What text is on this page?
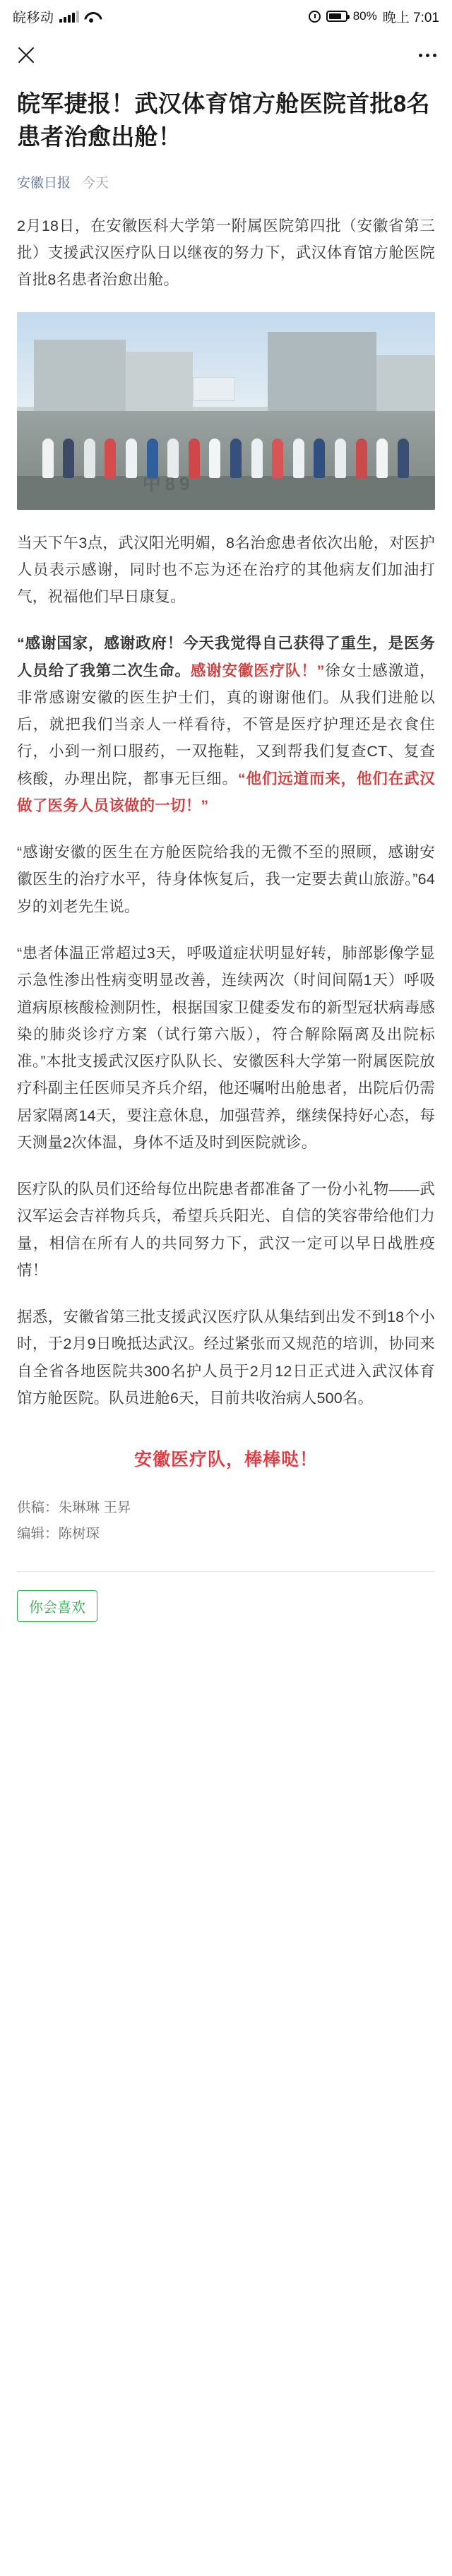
皖移动	80% 晚上 7:01
皖军捷报！武汉体育馆方舱医院首批8名患者治愈出舱！
安徽日报 今天

2月18日，在安徽医科大学第一附属医院第四批（安徽省第三批）支援武汉医疗队日以继夜的努力下，武汉体育馆方舱医院首批8名患者治愈出舱。

中89

当天下午3点，武汉阳光明媚，8名治愈患者依次出舱，对医护人员表示感谢，同时也不忘为还在治疗的其他病友们加油打气，祝福他们早日康复。

“感谢国家，感谢政府！今天我觉得自己获得了重生，是医务人员给了我第二次生命。感谢安徽医疗队！”徐女士感激道，非常感谢安徽的医生护士们，真的谢谢他们。从我们进舱以后，就把我们当亲人一样看待，不管是医疗护理还是衣食住行，小到一剂口服药，一双拖鞋，又到帮我们复查CT、复查核酸，办理出院，都事无巨细。“他们远道而来，他们在武汉做了医务人员该做的一切！”

“感谢安徽的医生在方舱医院给我的无微不至的照顾，感谢安徽医生的治疗水平，待身体恢复后，我一定要去黄山旅游。”64岁的刘老先生说。

“患者体温正常超过3天，呼吸道症状明显好转，肺部影像学显示急性渗出性病变明显改善，连续两次（时间间隔1天）呼吸道病原核酸检测阴性，根据国家卫健委发布的新型冠状病毒感染的肺炎诊疗方案（试行第六版），符合解除隔离及出院标准。”本批支援武汉医疗队队长、安徽医科大学第一附属医院放疗科副主任医师吴齐兵介绍，他还嘱咐出舱患者，出院后仍需居家隔离14天，要注意休息，加强营养，继续保持好心态，每天测量2次体温，身体不适及时到医院就诊。

医疗队的队员们还给每位出院患者都准备了一份小礼物——武汉军运会吉祥物兵兵，希望兵兵阳光、自信的笑容带给他们力量，相信在所有人的共同努力下，武汉一定可以早日战胜疫情！

据悉，安徽省第三批支援武汉医疗队从集结到出发不到18个小时，于2月9日晚抵达武汉。经过紧张而又规范的培训，协同来自全省各地医院共300名护人员于2月12日正式进入武汉体育馆方舱医院。队员进舱6天，目前共收治病人500名。

安徽医疗队，棒棒哒！
供稿：朱琳琳 王昇
编辑：陈树琛
你会喜欢
